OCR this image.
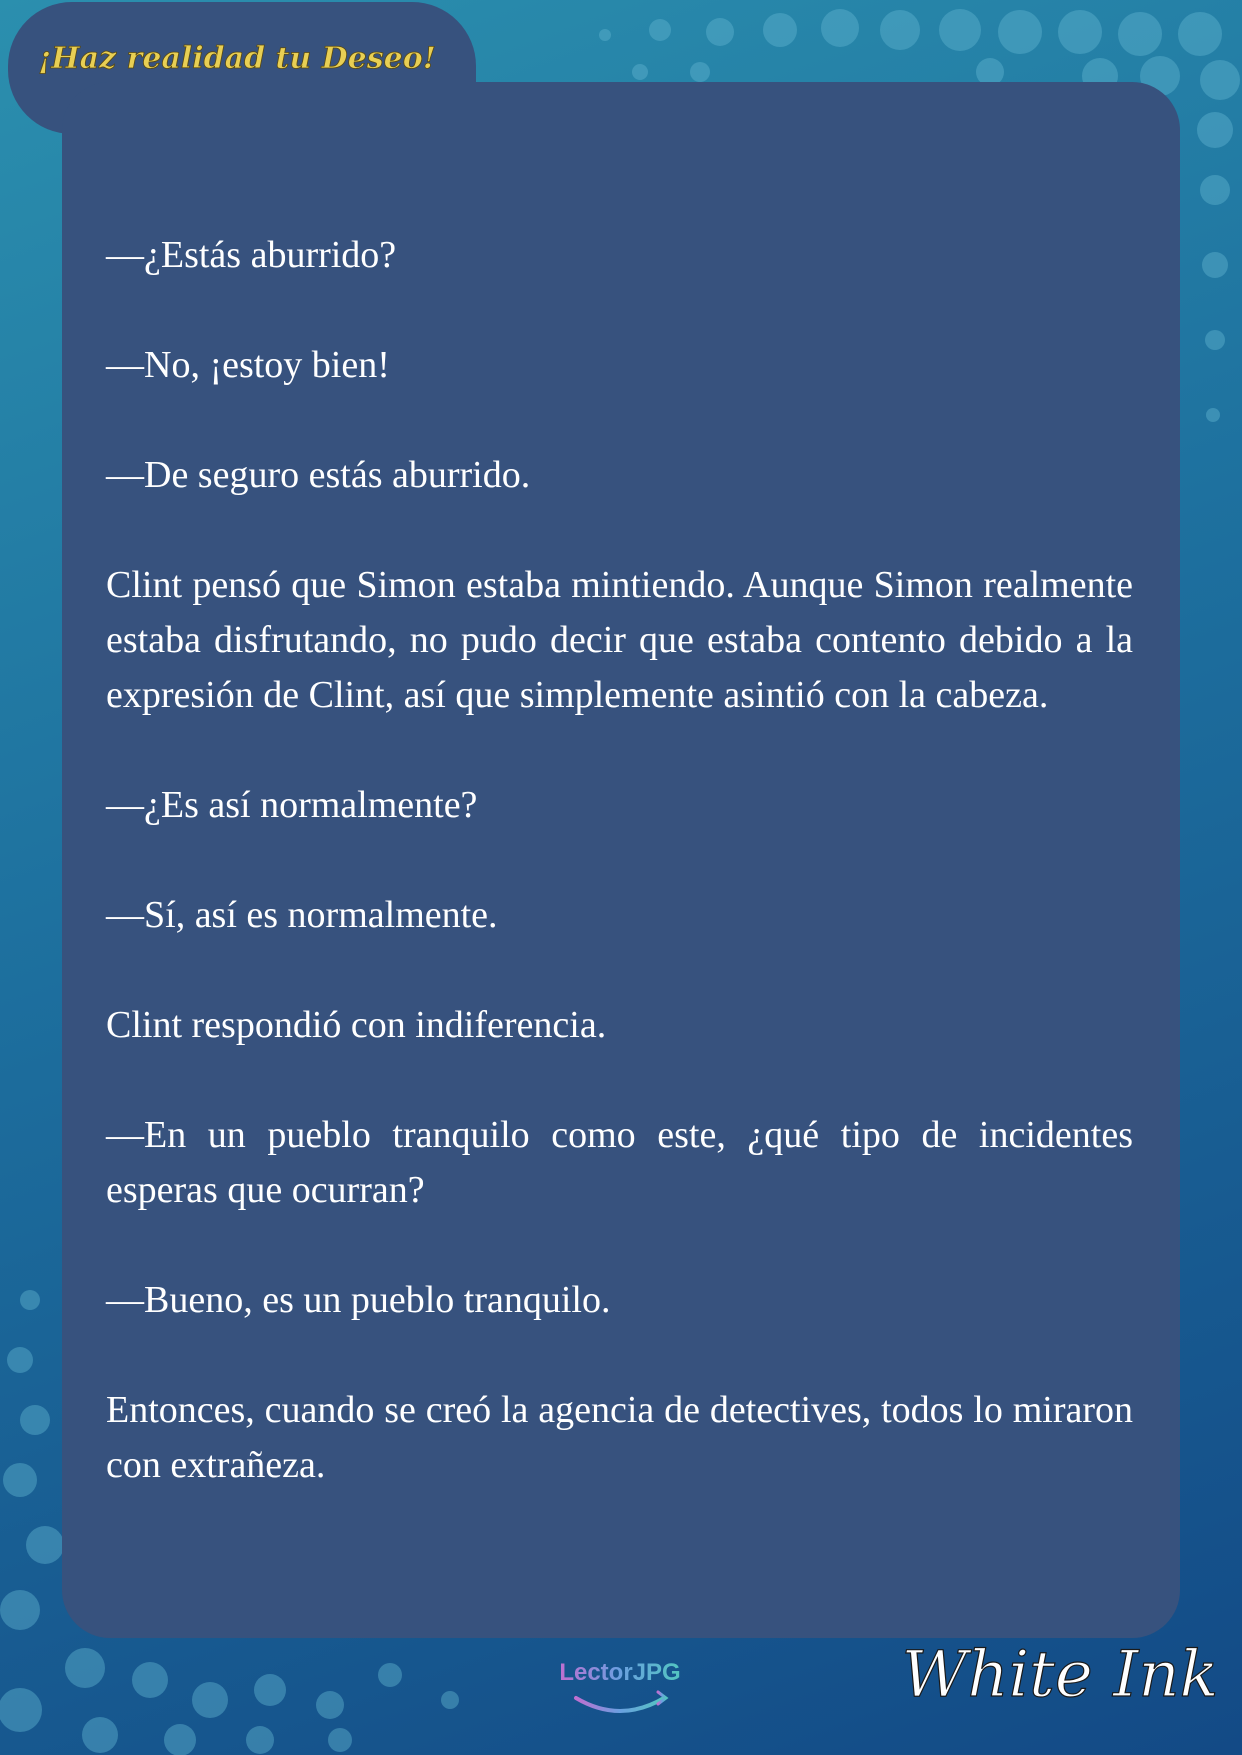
¡Haz realidad tu Deseo!

—¿Estás aburrido?

—No, ¡estoy bien!

—De seguro estás aburrido.

Clint pensó que Simon estaba mintiendo. Aunque Simon realmente estaba disfrutando, no pudo decir que estaba contento debido a la expresión de Clint, así que simplemente asintió con la cabeza.

—¿Es así normalmente?

—Sí, así es normalmente.

Clint respondió con indiferencia.

—En un pueblo tranquilo como este, ¿qué tipo de incidentes esperas que ocurran?

—Bueno, es un pueblo tranquilo.

Entonces, cuando se creó la agencia de detectives, todos lo miraron con extrañeza.

LectorJPG	White Ink
